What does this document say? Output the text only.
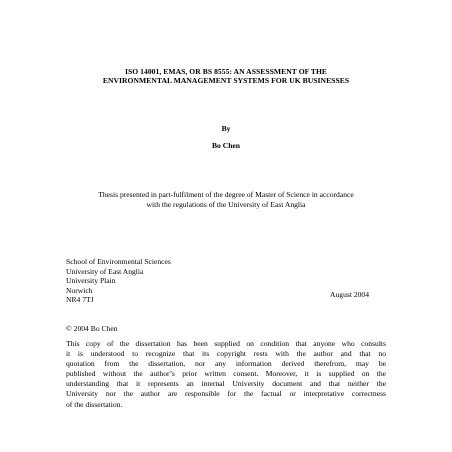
ISO 14001, EMAS, OR BS 8555: AN ASSESSMENT OF THE
ENVIRONMENTAL MANAGEMENT SYSTEMS FOR UK BUSINESSES
By
Bo Chen
Thesis presented in part-fulfilment of the degree of Master of Science in accordance
with the regulations of the University of East Anglia
School of Environmental Sciences
University of East Anglia
University Plain
Norwich
NR4 7TJ
August 2004
© 2004 Bo Chen
This copy of the dissertation has been supplied on condition that anyone who consults
it is understood to recognize that its copyright rests with the author and that no
quotation from the dissertation, nor any information derived therefrom, may be
published without the author’s prior written consent. Moreover, it is supplied on the
understanding that it represents an internal University document and that neither the
University nor the author are responsible for the factual or interpretative correctness
of the dissertation.
